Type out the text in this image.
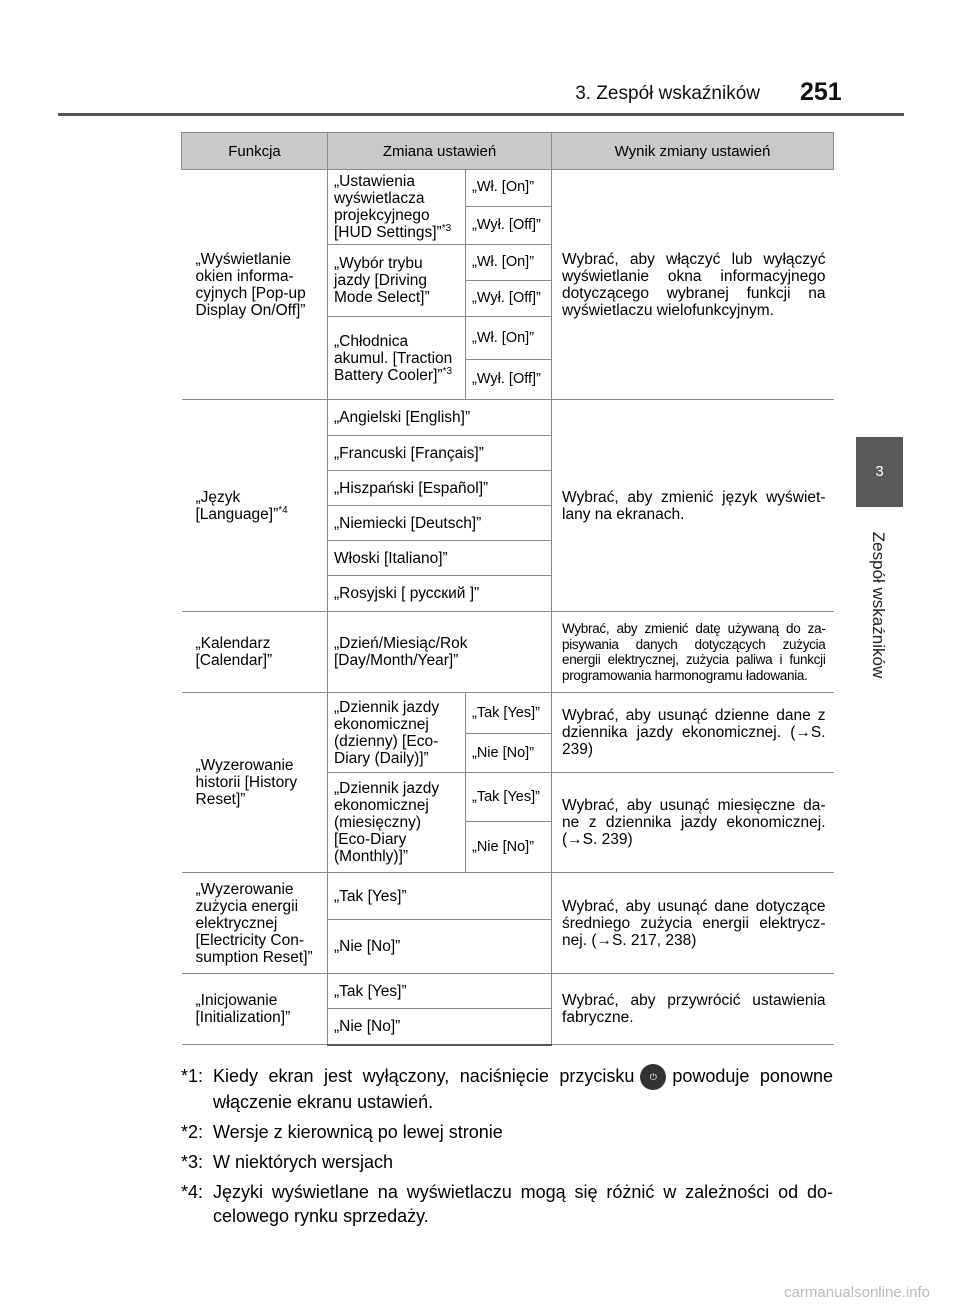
3. Zespół wskaźników 251
3
Zespół wskaźników
Funkcja	Zmiana ustawień		Wynik zmiany ustawień
„Wyświetlanie okien informa-cyjnych [Pop-up Display On/Off]”	„Ustawienia wyświetlacza projekcyjnego [HUD Settings]”$^{*3}$	„Wł. [On]”	Wybrać, aby włączyć lub wyłączyć wyświetlanie okna informacyjnego dotyczącego wybranej funkcji na wyświetlaczu wielofunkcyjnym.
		„Wył. [Off]”	
	„Wybór trybu jazdy [Driving Mode Select]”	„Wł. [On]”	
		„Wył. [Off]”	
	„Chłodnica akumul. [Traction Battery Cooler]”$^{*3}$	„Wł. [On]”	
		„Wył. [Off]”	
„Język [Language]”$^{*4}$	„Angielski [English]”		Wybrać, aby zmienić język wyświet-lany na ekranach.
	„Francuski [Français]”		
	„Hiszpański [Español]”		
	„Niemiecki [Deutsch]”		
	Włoski [Italiano]”		
	„Rosyjski [ русский ]”		
„Kalendarz [Calendar]”	„Dzień/Miesiąc/Rok [Day/Month/Year]”		Wybrać, aby zmienić datę używaną do za-pisywania danych dotyczących zużycia energii elektrycznej, zużycia paliwa i funkcji programowania harmonogramu ładowania.
„Wyzerowanie historii [History Reset]”	„Dziennik jazdy ekonomicznej (dzienny) [Eco-Diary (Daily)]”	„Tak [Yes]”	Wybrać, aby usunąć dzienne dane z dziennika jazdy ekonomicznej. (→S. 239)
		„Nie [No]”	
	„Dziennik jazdy ekonomicznej (miesięczny) [Eco-Diary (Monthly)]”	„Tak [Yes]”	Wybrać, aby usunąć miesięczne da-ne z dziennika jazdy ekonomicznej. (→S. 239)
		„Nie [No]”	
„Wyzerowanie zużycia energii elektrycznej [Electricity Con-sumption Reset]”	„Tak [Yes]”		Wybrać, aby usunąć dane dotyczące średniego zużycia energii elektrycz-nej. (→S. 217, 238)
	„Nie [No]”		
„Inicjowanie [Initialization]”	„Tak [Yes]”		Wybrać, aby przywrócić ustawienia fabryczne.
	„Nie [No]”		
*1: Kiedy ekran jest wyłączony, naciśnięcie przycisku ⏻ powoduje ponowne włączenie ekranu ustawień.
*2: Wersje z kierownicą po lewej stronie
*3: W niektórych wersjach
*4: Języki wyświetlane na wyświetlaczu mogą się różnić w zależności od do-celowego rynku sprzedaży.
carmanualsonline.info
